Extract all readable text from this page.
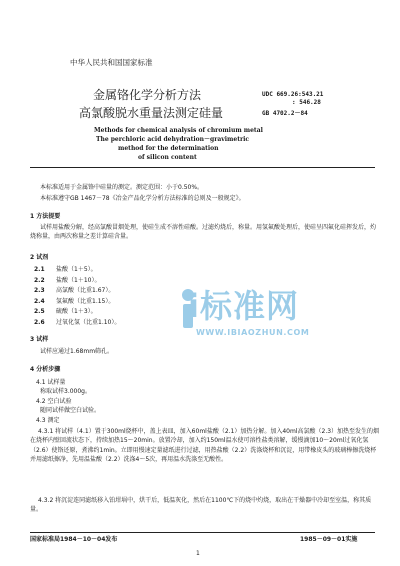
中华人民共和国国家标准
UDC 669.26:543.21
: 546.28
GB 4702.2－84
金属铬化学分析方法
高氯酸脱水重量法测定硅量
Methods for chemical analysis of chromium metal
The perchloric acid dehydration－gravimetric
method for the determination
of silicon content
本标准适用于金属铬中硅量的测定。测定范围：小于0.50%。
本标准遵守GB 1467－78《冶金产品化学分析方法标准的总则及一般规定》。
1 方法提要
试样用盐酸分解，经高氯酸冒烟处理，使硅生成不溶性硅酸。过滤灼烧后，称量。用氢氟酸处理后，使硅呈四氟化硅挥发后，灼烧称量，由两次称量之差计算硅含量。
2 试剂
2.1 盐酸（1＋5）。
2.2 盐酸（1＋10）。
2.3 高氯酸（比重1.67）。
2.4 氢氟酸（比重1.15）。
2.5 硫酸（1＋3）。
2.6 过氧化氢（比重1.10）。
3 试样
试样应通过1.68mm筛孔。
4 分析步骤
4.1 试样量
称取试样3.000g。
4.2 空白试验
随同试样做空白试验。
4.3 测定
4.3.1 将试样（4.1）置于300ml烧杯中，盖上表皿，加入60ml盐酸（2.1）加热分解。加入40ml高氯酸（2.3）加热至发生的烟在烧杯内壁回流状态下，持续加热15～20min。放置冷却，加入约150ml温水使可溶性盐类溶解，缓慢滴加10～20ml过氧化氢（2.6）使铬还原，煮沸约1min。立即用慢速定量滤纸进行过滤，用热盐酸（2.2）洗涤烧杯和沉淀，用带橡皮头的玻璃棒擦洗烧杯并用滤纸擦净，先用温盐酸（2.2）洗涤4～5次，再用温水洗涤至无酸性。
4.3.2 将沉淀连同滤纸移入铂坩埚中，烘干后，低温灰化，然后在1100℃下的烧中灼烧，取出在干燥器中冷却至室温，称其质量。
国家标准局1984－10－04发布	1985－09－01实施
1
i标准网
WWW.IBIAOZHUN.COM
